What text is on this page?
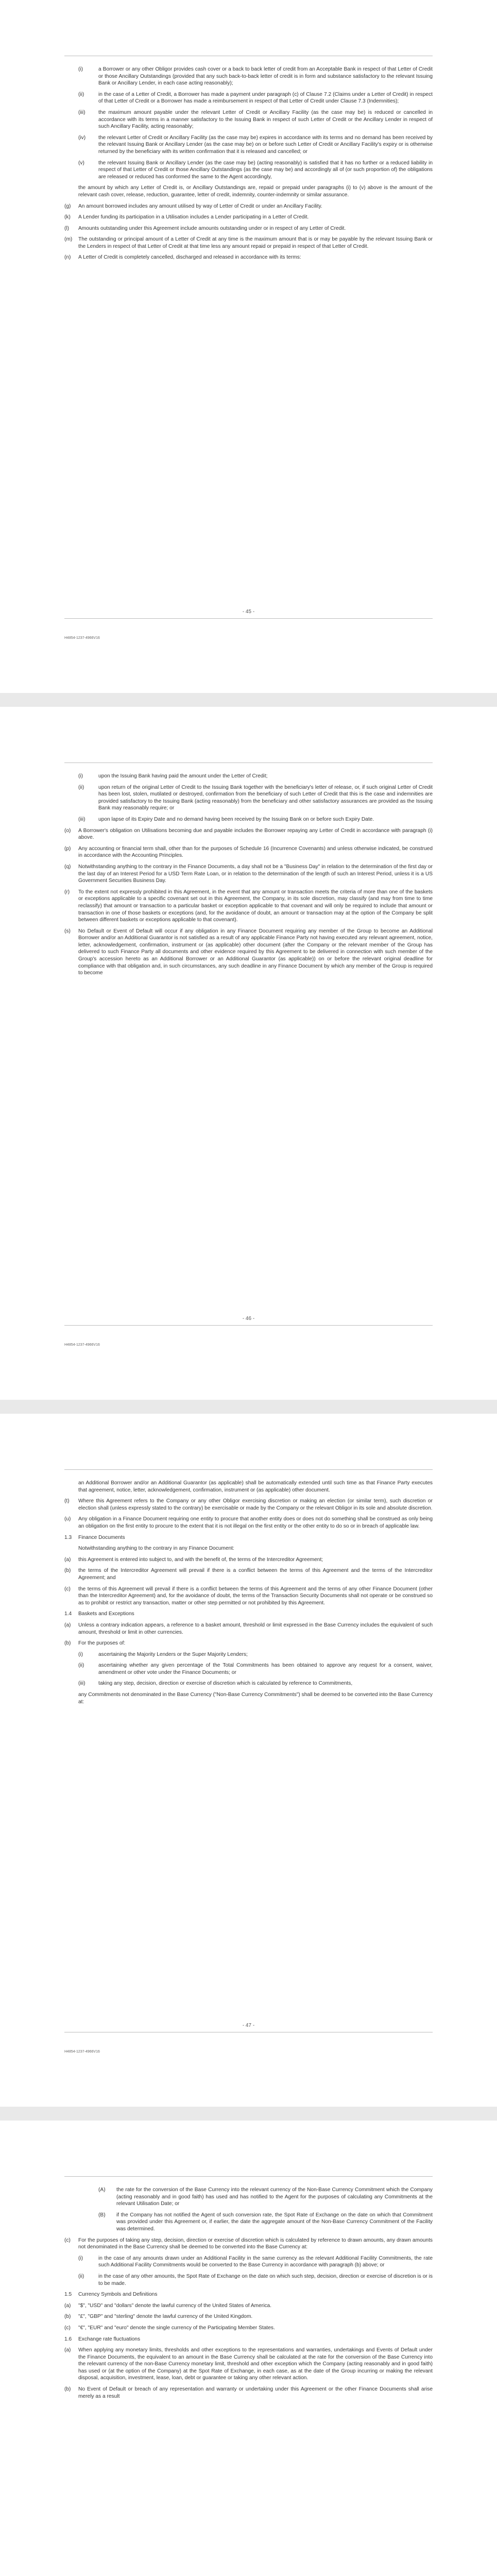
(i)	a Borrower or any other Obligor provides cash cover or a back to back letter of credit from an Acceptable Bank in respect of that Letter of Credit or those Ancillary Outstandings (provided that any such back-to-back letter of credit is in form and substance satisfactory to the relevant Issuing Bank or Ancillary Lender, in each case acting reasonably);
(ii)	in the case of a Letter of Credit, a Borrower has made a payment under paragraph (c) of Clause 7.2 (Claims under a Letter of Credit) in respect of that Letter of Credit or a Borrower has made a reimbursement in respect of that Letter of Credit under Clause 7.3 (Indemnities);
(iii) the maximum amount payable under the relevant Letter of Credit or Ancillary Facility (as the case may be) is reduced or cancelled in accordance with its terms in a manner satisfactory to the Issuing Bank in respect of such Letter of Credit or the Ancillary Lender in respect of such Ancillary Facility, acting reasonably;
(iv) the relevant Letter of Credit or Ancillary Facility (as the case may be) expires in accordance with its terms and no demand has been received by the relevant Issuing Bank or Ancillary Lender (as the case may be) on or before such Letter of Credit or Ancillary Facility's expiry or is otherwise returned by the beneficiary with its written confirmation that it is released and cancelled; or
(v)	the relevant Issuing Bank or Ancillary Lender (as the case may be) (acting reasonably) is satisfied that it has no further or a reduced liability in respect of that Letter of Credit or those Ancillary Outstandings (as the case may be) and accordingly all of (or such proportion of) the obligations are released or reduced has conformed the same to the Agent accordingly,
the amount by which any Letter of Credit is, or Ancillary Outstandings are, repaid or prepaid under paragraphs (i) to (v) above is the amount of the relevant cash cover, release, reduction, guarantee, letter of credit, indemnity, counter-indemnity or similar assurance.
(g) An amount borrowed includes any amount utilised by way of Letter of Credit or under an Ancillary Facility.
(k) A Lender funding its participation in a Utilisation includes a Lender participating in a Letter of Credit.
(l) Amounts outstanding under this Agreement include amounts outstanding under or in respect of any Letter of Credit.
(m) The outstanding or principal amount of a Letter of Credit at any time is the maximum amount that is or may be payable by the relevant Issuing Bank or the Lenders in respect of that Letter of Credit at that time less any amount repaid or prepaid in respect of that Letter of Credit.
(n) A Letter of Credit is completely cancelled, discharged and released in accordance with its terms:
- 45 -
H4854-1237-4966V16
(i)	upon the Issuing Bank having paid the amount under the Letter of Credit;
(ii)	upon return of the original Letter of Credit to the Issuing Bank together with the beneficiary's letter of release, or, if such original Letter of Credit has been lost, stolen, mutilated or destroyed, confirmation from the beneficiary of such Letter of Credit that this is the case and indemnities are provided satisfactory to the Issuing Bank (acting reasonably) from the beneficiary and other satisfactory assurances are provided as the Issuing Bank may reasonably require; or
(iii) upon lapse of its Expiry Date and no demand having been received by the Issuing Bank on or before such Expiry Date.
(o) A Borrower's obligation on Utilisations becoming due and payable includes the Borrower repaying any Letter of Credit in accordance with paragraph (i) above.
(p) Any accounting or financial term shall, other than for the purposes of Schedule 16 (Incurrence Covenants) and unless otherwise indicated, be construed in accordance with the Accounting Principles.
(q) Notwithstanding anything to the contrary in the Finance Documents, a day shall not be a "Business Day" in relation to the determination of the first day or the last day of an Interest Period for a USD Term Rate Loan, or in relation to the determination of the length of such an Interest Period, unless it is a US Government Securities Business Day.
(r) To the extent not expressly prohibited in this Agreement, in the event that any amount or transaction meets the criteria of more than one of the baskets or exceptions applicable to a specific covenant set out in this Agreement, the Company, in its sole discretion, may classify (and may from time to time reclassify) that amount or transaction to a particular basket or exception applicable to that covenant and will only be required to include that amount or transaction in one of those baskets or exceptions (and, for the avoidance of doubt, an amount or transaction may at the option of the Company be split between different baskets or exceptions applicable to that covenant).
(s) No Default or Event of Default will occur if any obligation in any Finance Document requiring any member of the Group to become an Additional Borrower and/or an Additional Guarantor is not satisfied as a result of any applicable Finance Party not having executed any relevant agreement, notice, letter, acknowledgement, confirmation, instrument or (as applicable) other document (after the Company or the relevant member of the Group has delivered to such Finance Party all documents and other evidence required by this Agreement to be delivered in connection with such member of the Group's accession hereto as an Additional Borrower or an Additional Guarantor (as applicable)) on or before the relevant original deadline for compliance with that obligation and, in such circumstances, any such deadline in any Finance Document by which any member of the Group is required to become
- 46 -
H4854-1237-4966V16
an Additional Borrower and/or an Additional Guarantor (as applicable) shall be automatically extended until such time as that Finance Party executes that agreement, notice, letter, acknowledgement, confirmation, instrument or (as applicable) other document.
(t) Where this Agreement refers to the Company or any other Obligor exercising discretion or making an election (or similar term), such discretion or election shall (unless expressly stated to the contrary) be exercisable or made by the Company or the relevant Obligor in its sole and absolute discretion.
(u) Any obligation in a Finance Document requiring one entity to procure that another entity does or does not do something shall be construed as only being an obligation on the first entity to procure to the extent that it is not illegal on the first entity or the other entity to do so or in breach of applicable law.
1.3 Finance Documents
Notwithstanding anything to the contrary in any Finance Document:
(a) this Agreement is entered into subject to, and with the benefit of, the terms of the Intercreditor Agreement;
(b) the terms of the Intercreditor Agreement will prevail if there is a conflict between the terms of this Agreement and the terms of the Intercreditor Agreement; and
(c) the terms of this Agreement will prevail if there is a conflict between the terms of this Agreement and the terms of any other Finance Document (other than the Intercreditor Agreement) and, for the avoidance of doubt, the terms of the Transaction Security Documents shall not operate or be construed so as to prohibit or restrict any transaction, matter or other step permitted or not prohibited by this Agreement.
1.4 Baskets and Exceptions
(a) Unless a contrary indication appears, a reference to a basket amount, threshold or limit expressed in the Base Currency includes the equivalent of such amount, threshold or limit in other currencies.
(b) For the purposes of:
(i)	ascertaining the Majority Lenders or the Super Majority Lenders;
(ii)	ascertaining whether any given percentage of the Total Commitments has been obtained to approve any request for a consent, waiver, amendment or other vote under the Finance Documents; or
(iii) taking any step, decision, direction or exercise of discretion which is calculated by reference to Commitments,
any Commitments not denominated in the Base Currency ("Non-Base Currency Commitments") shall be deemed to be converted into the Base Currency at:
- 47 -
H4854-1237-4966V16
(A) the rate for the conversion of the Base Currency into the relevant currency of the Non-Base Currency Commitment which the Company (acting reasonably and in good faith) has used and has notified to the Agent for the purposes of calculating any Commitments at the relevant Utilisation Date; or
(B) if the Company has not notified the Agent of such conversion rate, the Spot Rate of Exchange on the date on which that Commitment was provided under this Agreement or, if earlier, the date the aggregate amount of the Non-Base Currency Commitment of the Facility was determined.
(c) For the purposes of taking any step, decision, direction or exercise of discretion which is calculated by reference to drawn amounts, any drawn amounts not denominated in the Base Currency shall be deemed to be converted into the Base Currency at:
(i)	in the case of any amounts drawn under an Additional Facility in the same currency as the relevant Additional Facility Commitments, the rate such Additional Facility Commitments would be converted to the Base Currency in accordance with paragraph (b) above; or
(ii)	in the case of any other amounts, the Spot Rate of Exchange on the date on which such step, decision, direction or exercise of discretion is or is to be made.
1.5 Currency Symbols and Definitions
(a) "$", "USD" and "dollars" denote the lawful currency of the United States of America.
(b) "£", "GBP" and "sterling" denote the lawful currency of the United Kingdom.
(c) "€", "EUR" and "euro" denote the single currency of the Participating Member States.
1.6 Exchange rate fluctuations
(a) When applying any monetary limits, thresholds and other exceptions to the representations and warranties, undertakings and Events of Default under the Finance Documents, the equivalent to an amount in the Base Currency shall be calculated at the rate for the conversion of the Base Currency into the relevant currency of the non-Base Currency monetary limit, threshold and other exception which the Company (acting reasonably and in good faith) has used or (at the option of the Company) at the Spot Rate of Exchange, in each case, as at the date of the Group incurring or making the relevant disposal, acquisition, investment, lease, loan, debt or guarantee or taking any other relevant action.
(b) No Event of Default or breach of any representation and warranty or undertaking under this Agreement or the other Finance Documents shall arise merely as a result
